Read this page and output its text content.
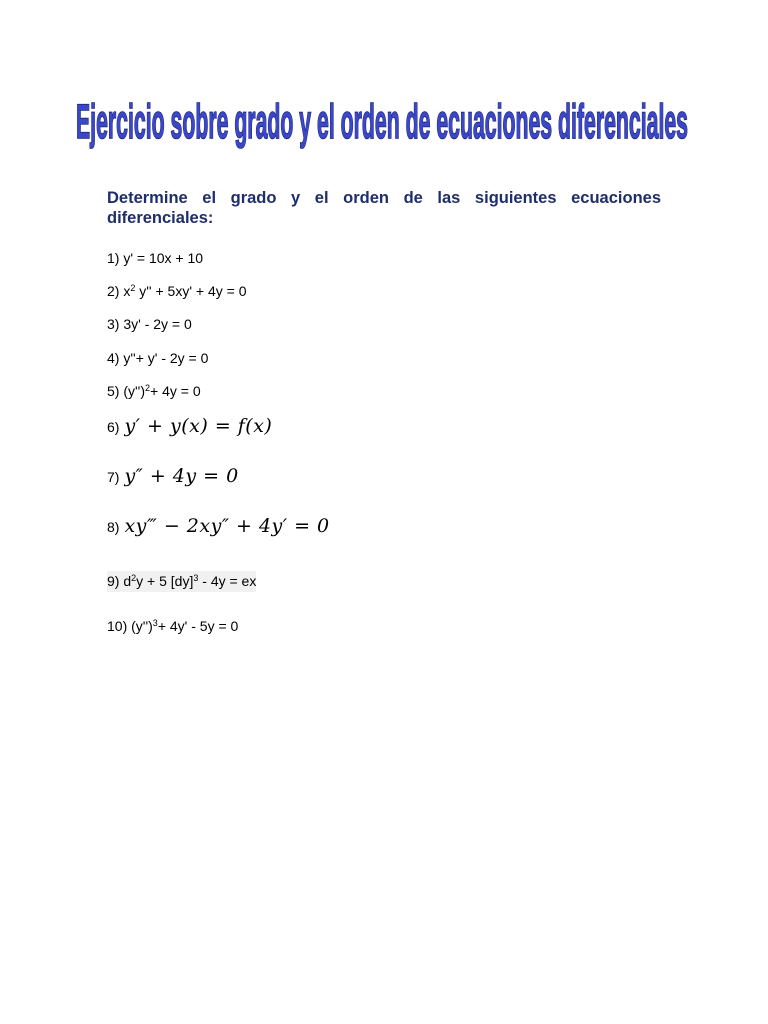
Ejercicio sobre grado y el orden de ecuaciones diferenciales

Determine el grado y el orden de las siguientes ecuaciones diferenciales:

1) y' = 10x + 10
2) $x^2$ y'' + 5xy' + 4y = 0
3) 3y' - 2y = 0
4) y''+ y' - 2y = 0
5) $(y'')^2+ 4y = 0$
6) y′ + y(x) = f(x)
7) y″ + 4y = 0
8) xy‴ − 2xy″ + 4y′ = 0
9) $d^2y + 5$ [dy]$^3$ - 4y = ex
10) $(y'')^3+ 4y' - 5y = 0$
